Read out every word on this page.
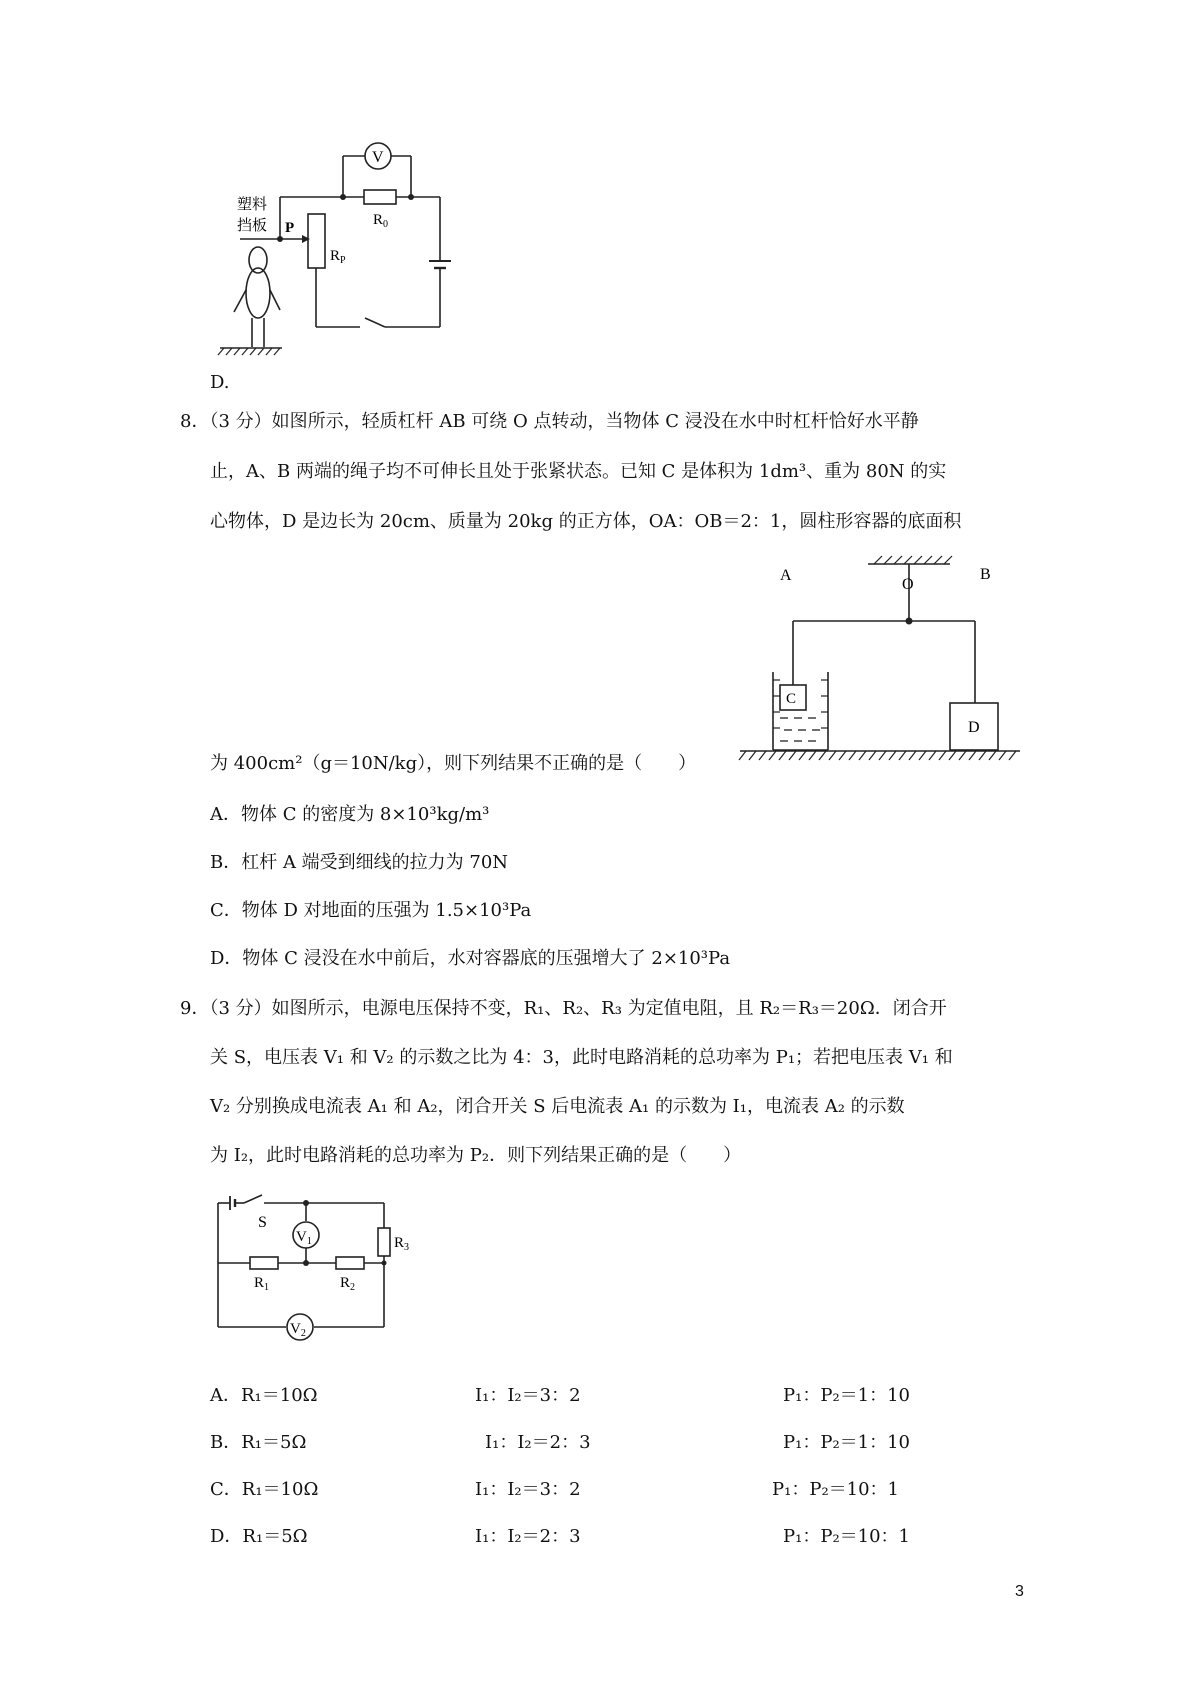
V
$R_0$
$R_P$
P
塑料
挡板
D.
8．（3 分）如图所示，轻质杠杆 AB 可绕 O 点转动，当物体 C 浸没在水中时杠杆恰好水平静
止，A、B 两端的绳子均不可伸长且处于张紧状态。已知 C 是体积为 1dm³、重为 80N 的实
心物体，D 是边长为 20cm、质量为 20kg 的正方体，OA：OB＝2：1，圆柱形容器的底面积
A	B
O
C
D
为 400cm²（g＝10N/kg），则下列结果不正确的是（　　）
A．物体 C 的密度为 8×10³kg/m³
B．杠杆 A 端受到细线的拉力为 70N
C．物体 D 对地面的压强为 1.5×10³Pa
D．物体 C 浸没在水中前后，水对容器底的压强增大了 2×10³Pa
9．（3 分）如图所示，电源电压保持不变，R₁、R₂、R₃ 为定值电阻，且 R₂＝R₃＝20Ω．闭合开
关 S，电压表 V₁ 和 V₂ 的示数之比为 4：3，此时电路消耗的总功率为 P₁；若把电压表 V₁ 和
V₂ 分别换成电流表 A₁ 和 A₂，闭合开关 S 后电流表 A₁ 的示数为 I₁，电流表 A₂ 的示数
为 I₂，此时电路消耗的总功率为 P₂．则下列结果正确的是（　　）
S
$V_1$
$V_2$
$R_1$	$R_2$
$R_3$
A．R₁＝10Ω	I₁：I₂＝3：2	P₁：P₂＝1：10
B．R₁＝5Ω	I₁：I₂＝2：3	P₁：P₂＝1：10
C．R₁＝10Ω	I₁：I₂＝3：2	P₁：P₂＝10：1
D．R₁＝5Ω	I₁：I₂＝2：3	P₁：P₂＝10：1
3
